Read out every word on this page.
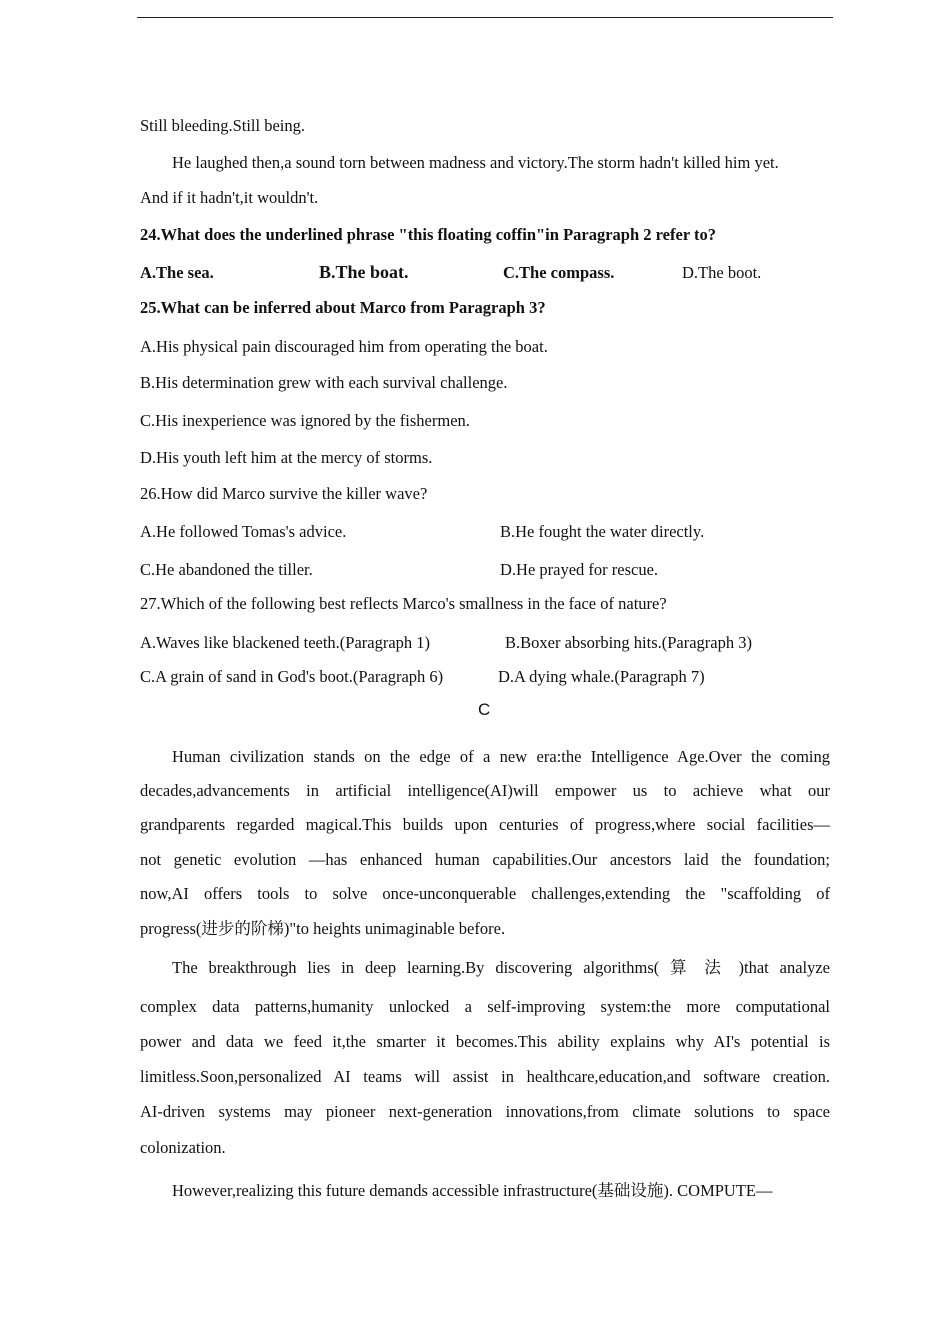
Still bleeding.Still being.
He laughed then,a sound torn between madness and victory.The storm hadn't killed him yet.
And if it hadn't,it wouldn't.
24.What does the underlined phrase "this floating coffin"in Paragraph 2 refer to?
A.The sea.	B.The boat.	C.The compass.	D.The boot.
25.What can be inferred about Marco from Paragraph 3?
A.His physical pain discouraged him from operating the boat.
B.His determination grew with each survival challenge.
C.His inexperience was ignored by the fishermen.
D.His youth left him at the mercy of storms.
26.How did Marco survive the killer wave?
A.He followed Tomas's advice.	B.He fought the water directly.
C.He abandoned the tiller.	D.He prayed for rescue.
27.Which of the following best reflects Marco's smallness in the face of nature?
A.Waves like blackened teeth.(Paragraph 1)	B.Boxer absorbing hits.(Paragraph 3)
C.A grain of sand in God's boot.(Paragraph 6)	D.A dying whale.(Paragraph 7)
C
Human civilization stands on the edge of a new era:the Intelligence Age.Over the coming
decades,advancements in artificial intelligence(AI)will empower us to achieve what our
grandparents regarded magical.This builds upon centuries of progress,where social facilities—
not genetic evolution —has enhanced human capabilities.Our ancestors laid the foundation;
now,AI offers tools to solve once-unconquerable challenges,extending the "scaffolding of
progress(进步的阶梯)"to heights unimaginable before.
The breakthrough lies in deep learning.By discovering algorithms( 算 法 )that analyze
complex data patterns,humanity unlocked a self-improving system:the more computational
power and data we feed it,the smarter it becomes.This ability explains why AI's potential is
limitless.Soon,personalized AI teams will assist in healthcare,education,and software creation.
AI-driven systems may pioneer next-generation innovations,from climate solutions to space
colonization.
However,realizing this future demands accessible infrastructure(基础设施). COMPUTE—
